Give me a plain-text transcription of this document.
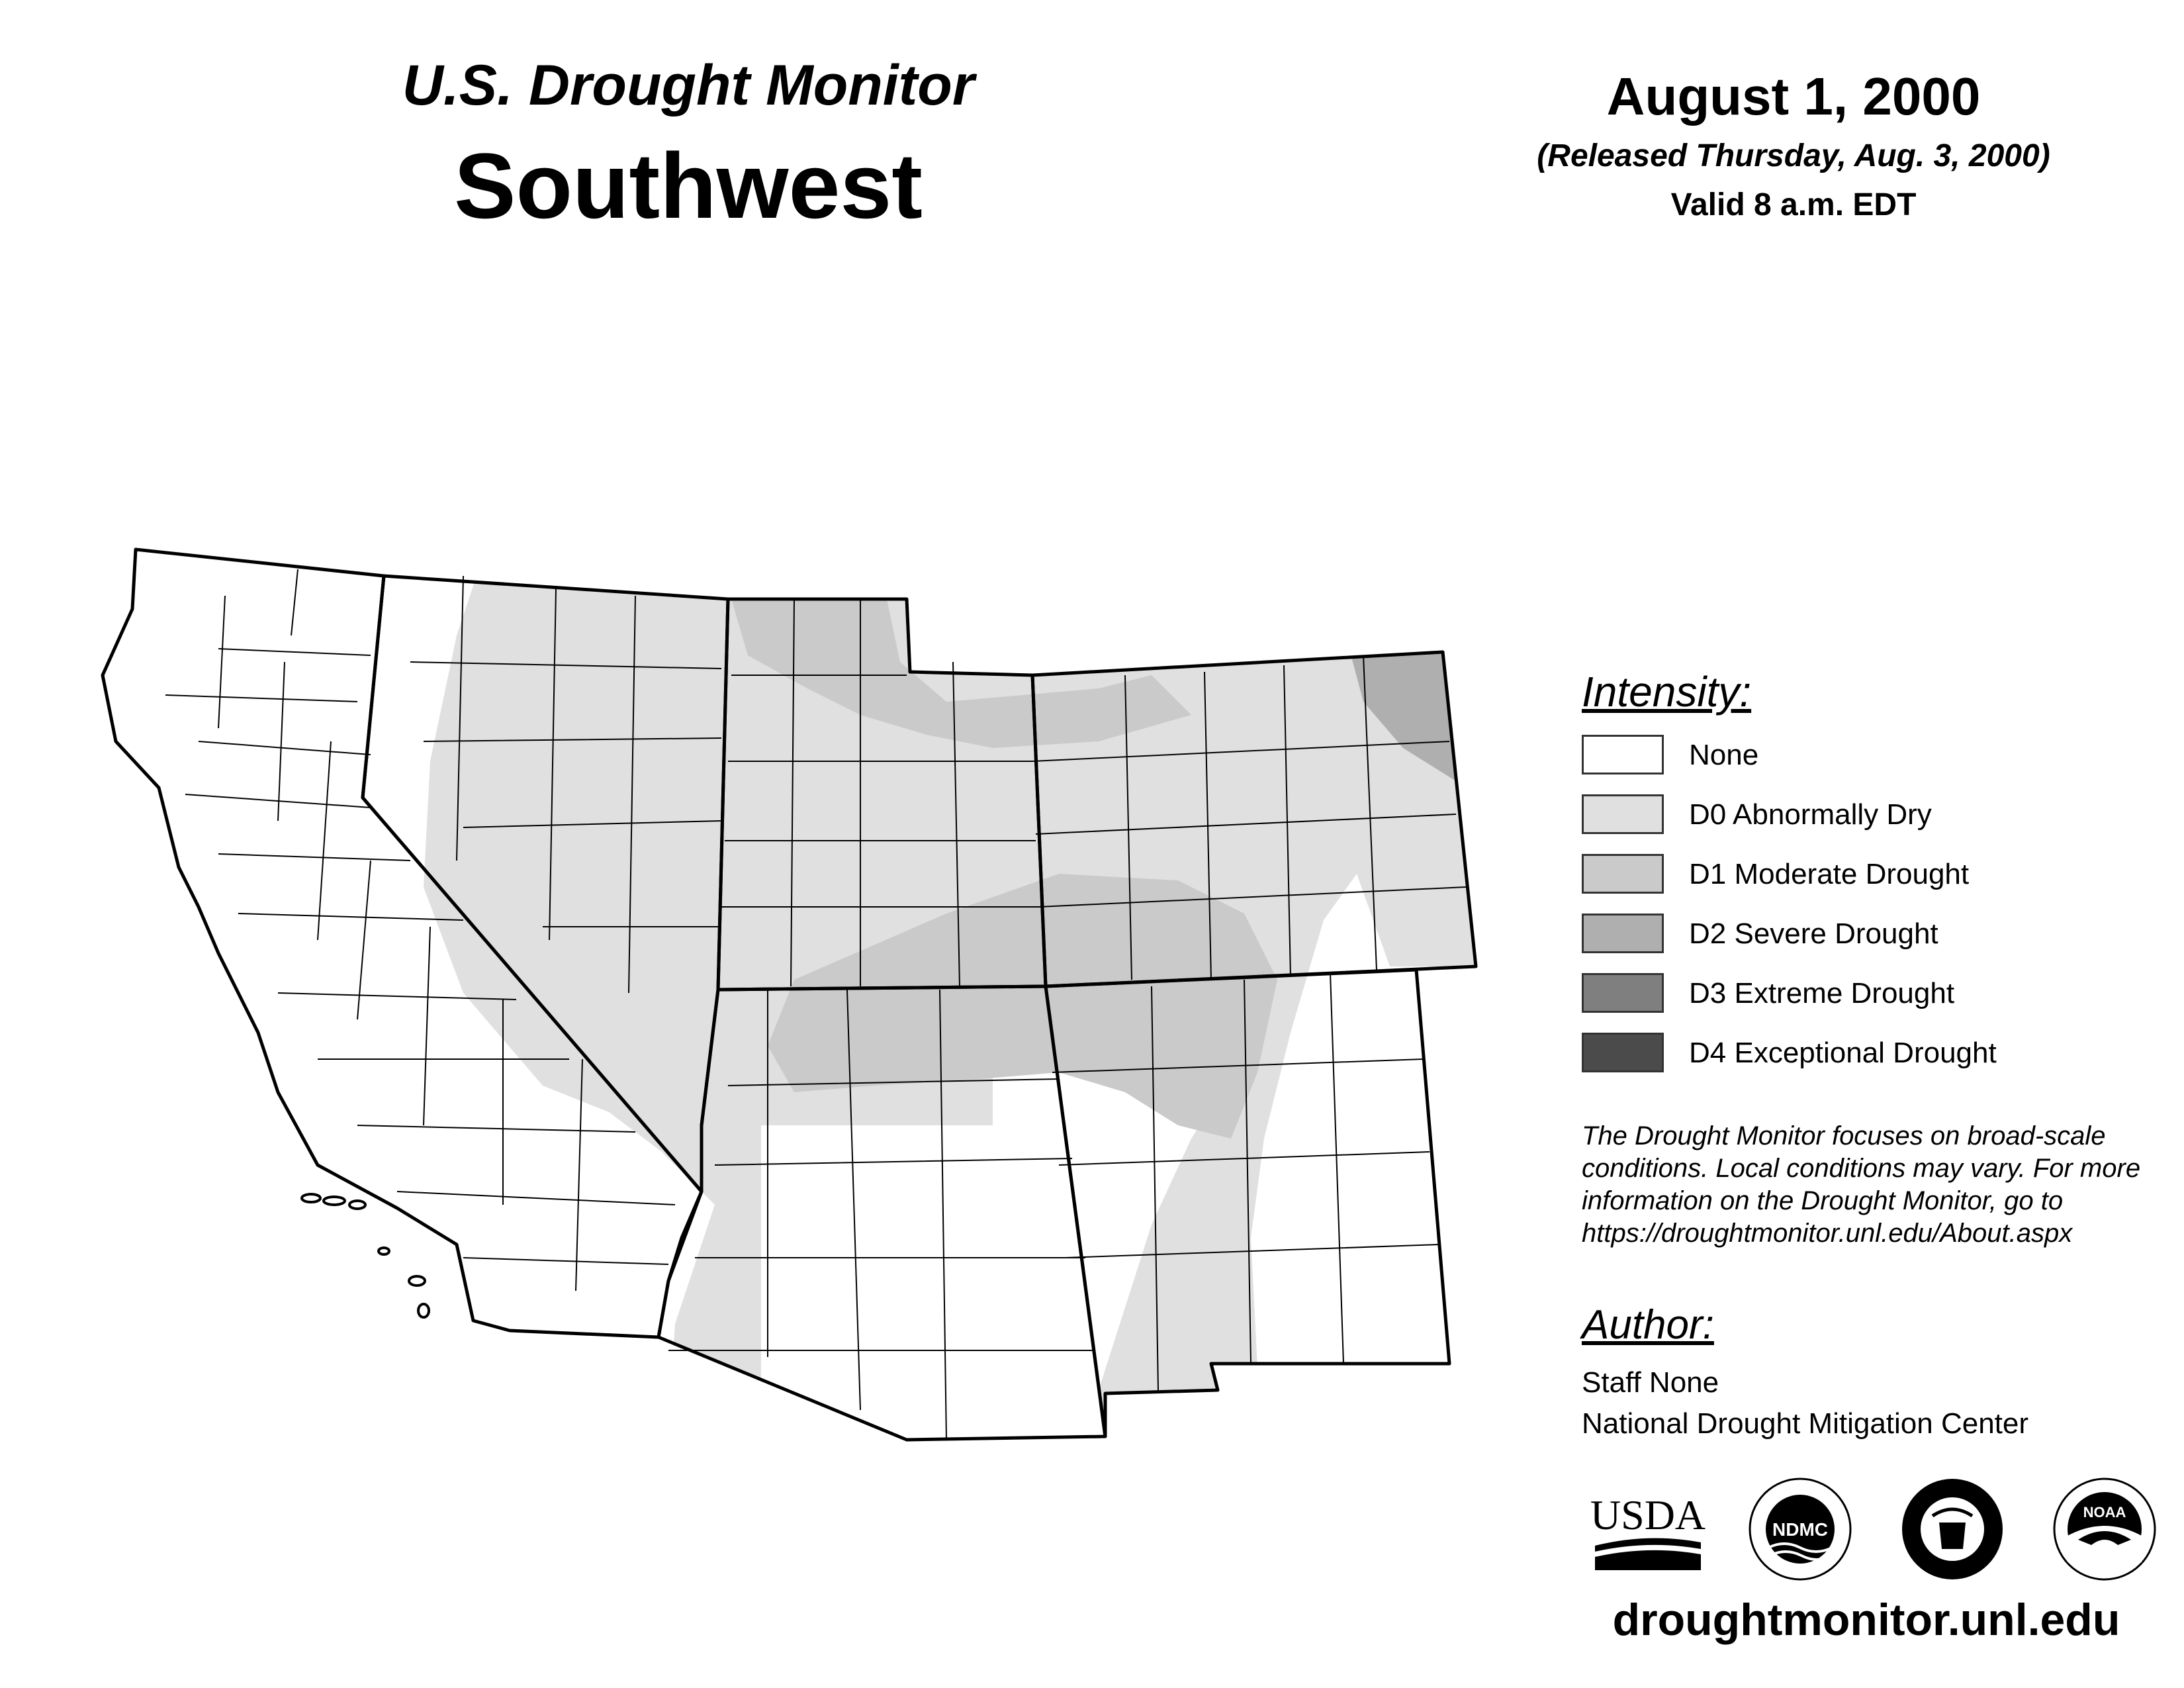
U.S. Drought Monitor
Southwest
August 1, 2000
(Released Thursday, Aug. 3, 2000)
Valid 8 a.m. EDT
Intensity:
None
D0 Abnormally Dry
D1 Moderate Drought
D2 Severe Drought
D3 Extreme Drought
D4 Exceptional Drought
The Drought Monitor focuses on broad-scale conditions. Local conditions may vary. For more information on the Drought Monitor, go to https://droughtmonitor.unl.edu/About.aspx
Author:
Staff None
National Drought Mitigation Center
USDA	NDMC
NOAA
droughtmonitor.unl.edu
